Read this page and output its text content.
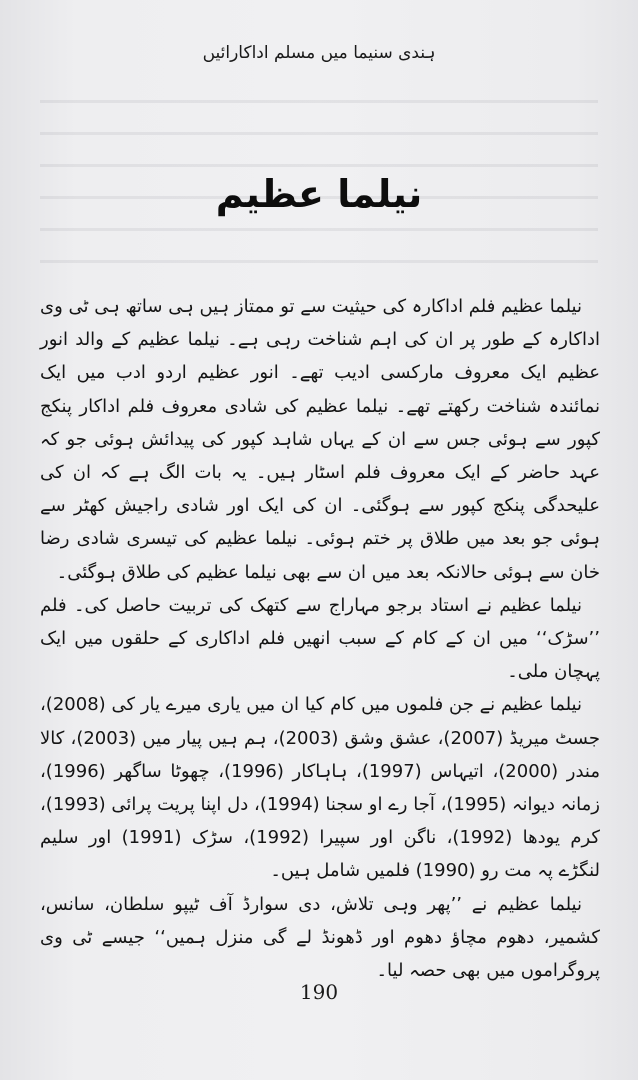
ہندی سنیما میں مسلم اداکارائیں
نیلما عظیم

نیلما عظیم فلم اداکارہ کی حیثیت سے تو ممتاز ہیں ہی ساتھ ہی ٹی وی اداکارہ کے طور پر ان کی اہم شناخت رہی ہے۔ نیلما عظیم کے والد انور عظیم ایک معروف مارکسی ادیب تھے۔ انور عظیم اردو ادب میں ایک نمائندہ شناخت رکھتے تھے۔ نیلما عظیم کی شادی معروف فلم اداکار پنکج کپور سے ہوئی جس سے ان کے یہاں شاہد کپور کی پیدائش ہوئی جو کہ عہد حاضر کے ایک معروف فلم اسٹار ہیں۔ یہ بات الگ ہے کہ ان کی علیحدگی پنکج کپور سے ہوگئی۔ ان کی ایک اور شادی راجیش کھٹر سے ہوئی جو بعد میں طلاق پر ختم ہوئی۔ نیلما عظیم کی تیسری شادی رضا خان سے ہوئی حالانکہ بعد میں ان سے بھی نیلما عظیم کی طلاق ہوگئی۔

نیلما عظیم نے استاد برجو مہاراج سے کتھک کی تربیت حاصل کی۔ فلم ’’سڑک‘‘ میں ان کے کام کے سبب انھیں فلم اداکاری کے حلقوں میں ایک پہچان ملی۔

نیلما عظیم نے جن فلموں میں کام کیا ان میں یاری میرے یار کی (2008)، جسٹ میریڈ (2007)، عشق وشق (2003)، ہم ہیں پیار میں (2003)، کالا مندر (2000)، اتیہاس (1997)، ہاہاکار (1996)، چھوٹا ساگھر (1996)، زمانہ دیوانہ (1995)، آجا رے او سجنا (1994)، دل اپنا پریت پرائی (1993)، کرم یودھا (1992)، ناگن اور سپیرا (1992)، سڑک (1991) اور سلیم لنگڑے پہ مت رو (1990) فلمیں شامل ہیں۔

نیلما عظیم نے ’’پھر وہی تلاش، دی سوارڈ آف ٹیپو سلطان، سانس، کشمیر، دھوم مچاؤ دھوم اور ڈھونڈ لے گی منزل ہمیں‘‘ جیسے ٹی وی پروگراموں میں بھی حصہ لیا۔

190
